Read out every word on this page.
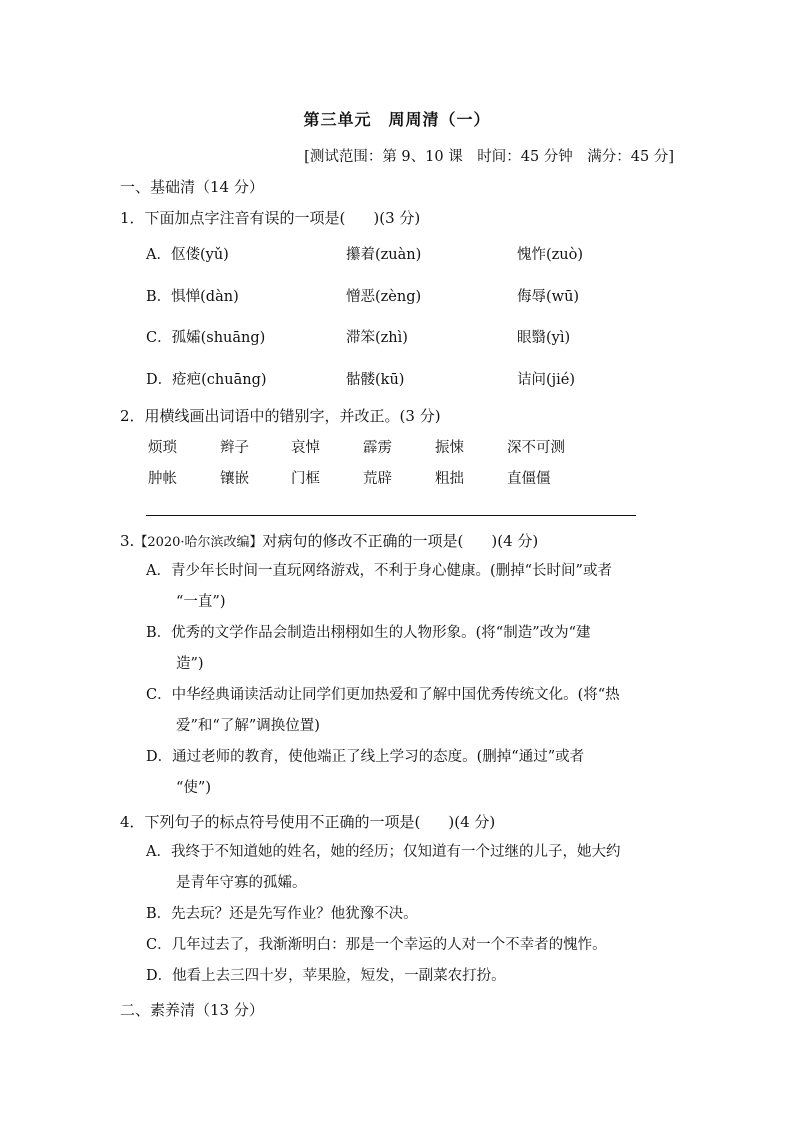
第三单元　周周清（一）
[测试范围：第 9、10 课　时间：45 分钟　满分：45 分]
一、基础清（14 分）
1．下面加点字注音有误的一项是( )(3 分)
A．伛偻(yǔ)	攥着(zuàn)	愧怍(zuò)
B．惧惮(dàn)	憎恶(zèng)	侮辱(wū)
C．孤孀(shuāng)	滞笨(zhì)	眼翳(yì)
D．疮疤(chuāng)	骷髅(kū)	诘问(jié)
2．用横线画出词语中的错别字，并改正。(3 分)
烦琐	辫子	哀悼	霹雳	振悚	深不可测
肿帐	镶嵌	门框	荒辟	粗拙	直僵僵
3.【2020·哈尔滨改编】对病句的修改不正确的一项是( )(4 分)
A．青少年长时间一直玩网络游戏，不利于身心健康。(删掉“长时间”或者
“一直”)
B．优秀的文学作品会制造出栩栩如生的人物形象。(将“制造”改为“建
造”)
C．中华经典诵读活动让同学们更加热爱和了解中国优秀传统文化。(将“热
爱”和“了解”调换位置)
D．通过老师的教育，使他端正了线上学习的态度。(删掉“通过”或者
“使”)
4．下列句子的标点符号使用不正确的一项是( )(4 分)
A．我终于不知道她的姓名，她的经历；仅知道有一个过继的儿子，她大约
是青年守寡的孤孀。
B．先去玩？还是先写作业？他犹豫不决。
C．几年过去了，我渐渐明白：那是一个幸运的人对一个不幸者的愧怍。
D．他看上去三四十岁，苹果脸，短发，一副菜农打扮。
二、素养清（13 分）
